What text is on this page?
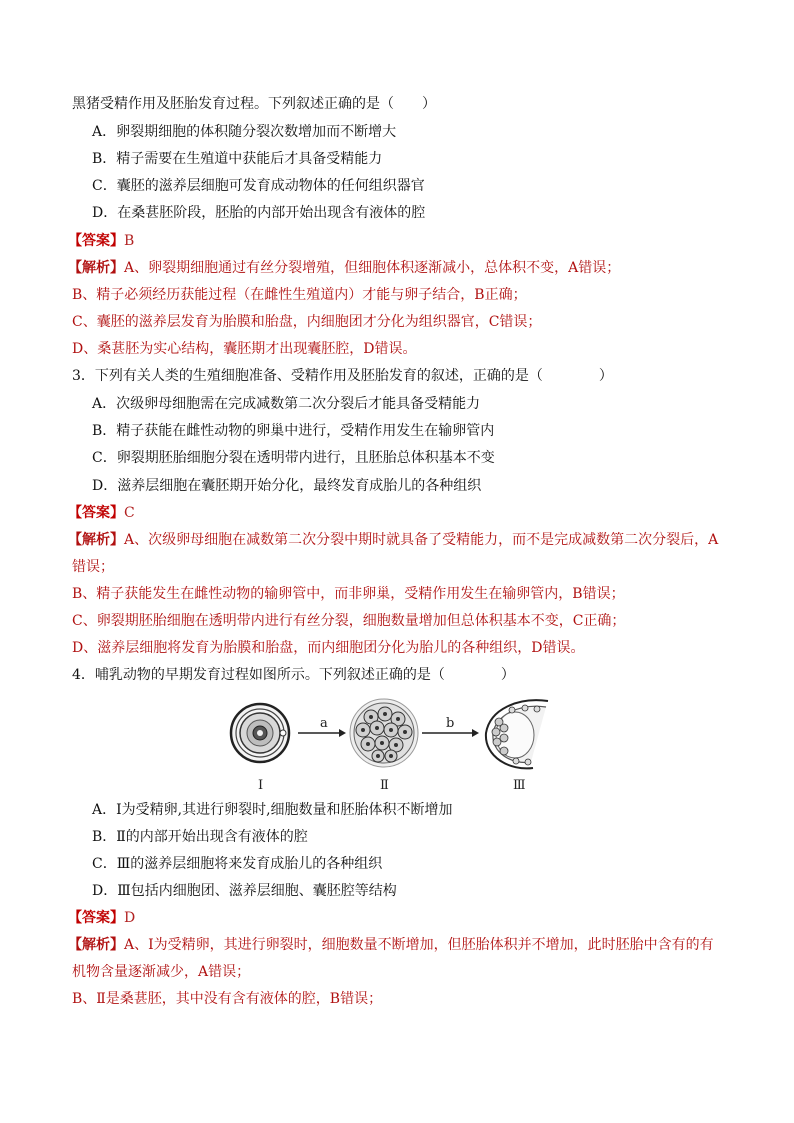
黑猪受精作用及胚胎发育过程。下列叙述正确的是（　　）
A．卵裂期细胞的体积随分裂次数增加而不断增大
B．精子需要在生殖道中获能后才具备受精能力
C．囊胚的滋养层细胞可发育成动物体的任何组织器官
D．在桑葚胚阶段，胚胎的内部开始出现含有液体的腔
【答案】B
【解析】A、卵裂期细胞通过有丝分裂增殖，但细胞体积逐渐减小，总体积不变，A错误；
B、精子必须经历获能过程（在雌性生殖道内）才能与卵子结合，B正确；
C、囊胚的滋养层发育为胎膜和胎盘，内细胞团才分化为组织器官，C错误；
D、桑葚胚为实心结构，囊胚期才出现囊胚腔，D错误。
3．下列有关人类的生殖细胞准备、受精作用及胚胎发育的叙述，正确的是（　　　　）
A．次级卵母细胞需在完成减数第二次分裂后才能具备受精能力
B．精子获能在雌性动物的卵巢中进行，受精作用发生在输卵管内
C．卵裂期胚胎细胞分裂在透明带内进行，且胚胎总体积基本不变
D．滋养层细胞在囊胚期开始分化，最终发育成胎儿的各种组织
【答案】C
【解析】A、次级卵母细胞在减数第二次分裂中期时就具备了受精能力，而不是完成减数第二次分裂后，A
错误；
B、精子获能发生在雌性动物的输卵管中，而非卵巢，受精作用发生在输卵管内，B错误；
C、卵裂期胚胎细胞在透明带内进行有丝分裂，细胞数量增加但总体积基本不变，C正确；
D、滋养层细胞将发育为胎膜和胎盘，而内细胞团分化为胎儿的各种组织，D错误。
4．哺乳动物的早期发育过程如图所示。下列叙述正确的是（　　　　）
a	b
Ⅰ	Ⅱ	Ⅲ
A．Ⅰ为受精卵,其进行卵裂时,细胞数量和胚胎体积不断增加
B．Ⅱ的内部开始出现含有液体的腔
C．Ⅲ的滋养层细胞将来发育成胎儿的各种组织
D．Ⅲ包括内细胞团、滋养层细胞、囊胚腔等结构
【答案】D
【解析】A、Ⅰ为受精卵，其进行卵裂时，细胞数量不断增加，但胚胎体积并不增加，此时胚胎中含有的有
机物含量逐渐减少，A错误；
B、Ⅱ是桑葚胚，其中没有含有液体的腔，B错误；
